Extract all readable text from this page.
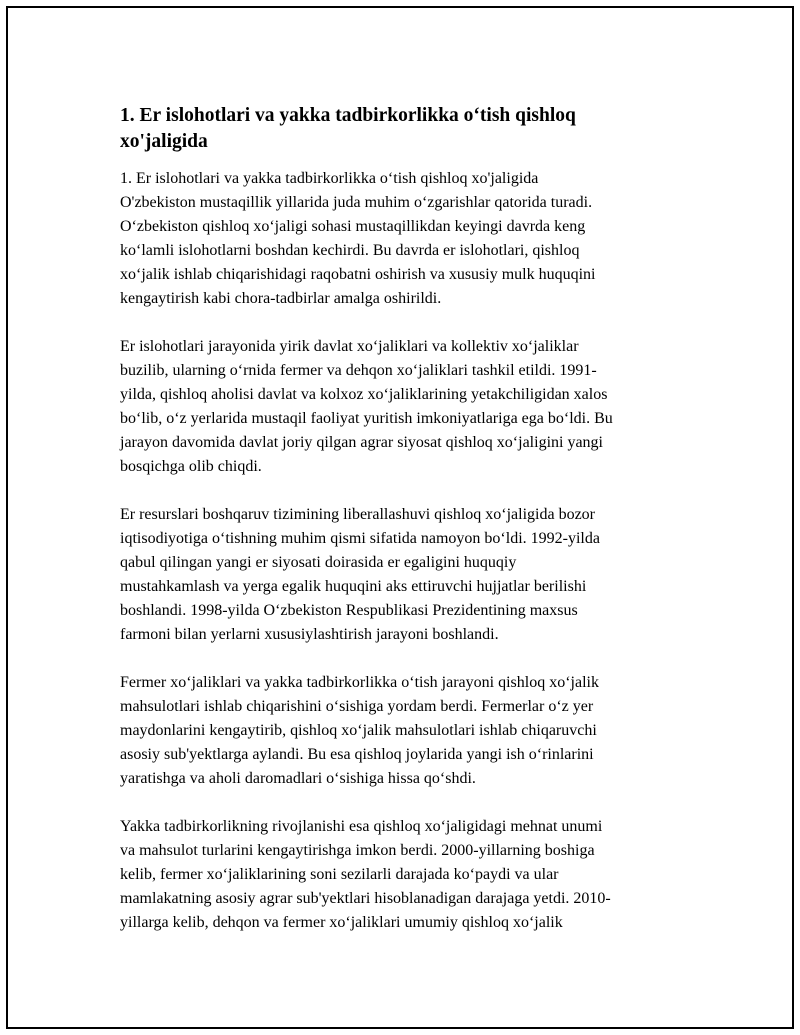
1. Er islohotlari va yakka tadbirkorlikka o‘tish qishloq
xo'jaligida

1. Er islohotlari va yakka tadbirkorlikka o‘tish qishloq xo'jaligida
O'zbekiston mustaqillik yillarida juda muhim o‘zgarishlar qatorida turadi.
O‘zbekiston qishloq xo‘jaligi sohasi mustaqillikdan keyingi davrda keng
ko‘lamli islohotlarni boshdan kechirdi. Bu davrda er islohotlari, qishloq
xo‘jalik ishlab chiqarishidagi raqobatni oshirish va xususiy mulk huquqini
kengaytirish kabi chora-tadbirlar amalga oshirildi.

Er islohotlari jarayonida yirik davlat xo‘jaliklari va kollektiv xo‘jaliklar
buzilib, ularning o‘rnida fermer va dehqon xo‘jaliklari tashkil etildi. 1991-
yilda, qishloq aholisi davlat va kolxoz xo‘jaliklarining yetakchiligidan xalos
bo‘lib, o‘z yerlarida mustaqil faoliyat yuritish imkoniyatlariga ega bo‘ldi. Bu
jarayon davomida davlat joriy qilgan agrar siyosat qishloq xo‘jaligini yangi
bosqichga olib chiqdi.

Er resurslari boshqaruv tizimining liberallashuvi qishloq xo‘jaligida bozor
iqtisodiyotiga o‘tishning muhim qismi sifatida namoyon bo‘ldi. 1992-yilda
qabul qilingan yangi er siyosati doirasida er egaligini huquqiy
mustahkamlash va yerga egalik huquqini aks ettiruvchi hujjatlar berilishi
boshlandi. 1998-yilda O‘zbekiston Respublikasi Prezidentining maxsus
farmoni bilan yerlarni xususiylashtirish jarayoni boshlandi.

Fermer xo‘jaliklari va yakka tadbirkorlikka o‘tish jarayoni qishloq xo‘jalik
mahsulotlari ishlab chiqarishini o‘sishiga yordam berdi. Fermerlar o‘z yer
maydonlarini kengaytirib, qishloq xo‘jalik mahsulotlari ishlab chiqaruvchi
asosiy sub'yektlarga aylandi. Bu esa qishloq joylarida yangi ish o‘rinlarini
yaratishga va aholi daromadlari o‘sishiga hissa qo‘shdi.

Yakka tadbirkorlikning rivojlanishi esa qishloq xo‘jaligidagi mehnat unumi
va mahsulot turlarini kengaytirishga imkon berdi. 2000-yillarning boshiga
kelib, fermer xo‘jaliklarining soni sezilarli darajada ko‘paydi va ular
mamlakatning asosiy agrar sub'yektlari hisoblanadigan darajaga yetdi. 2010-
yillarga kelib, dehqon va fermer xo‘jaliklari umumiy qishloq xo‘jalik
